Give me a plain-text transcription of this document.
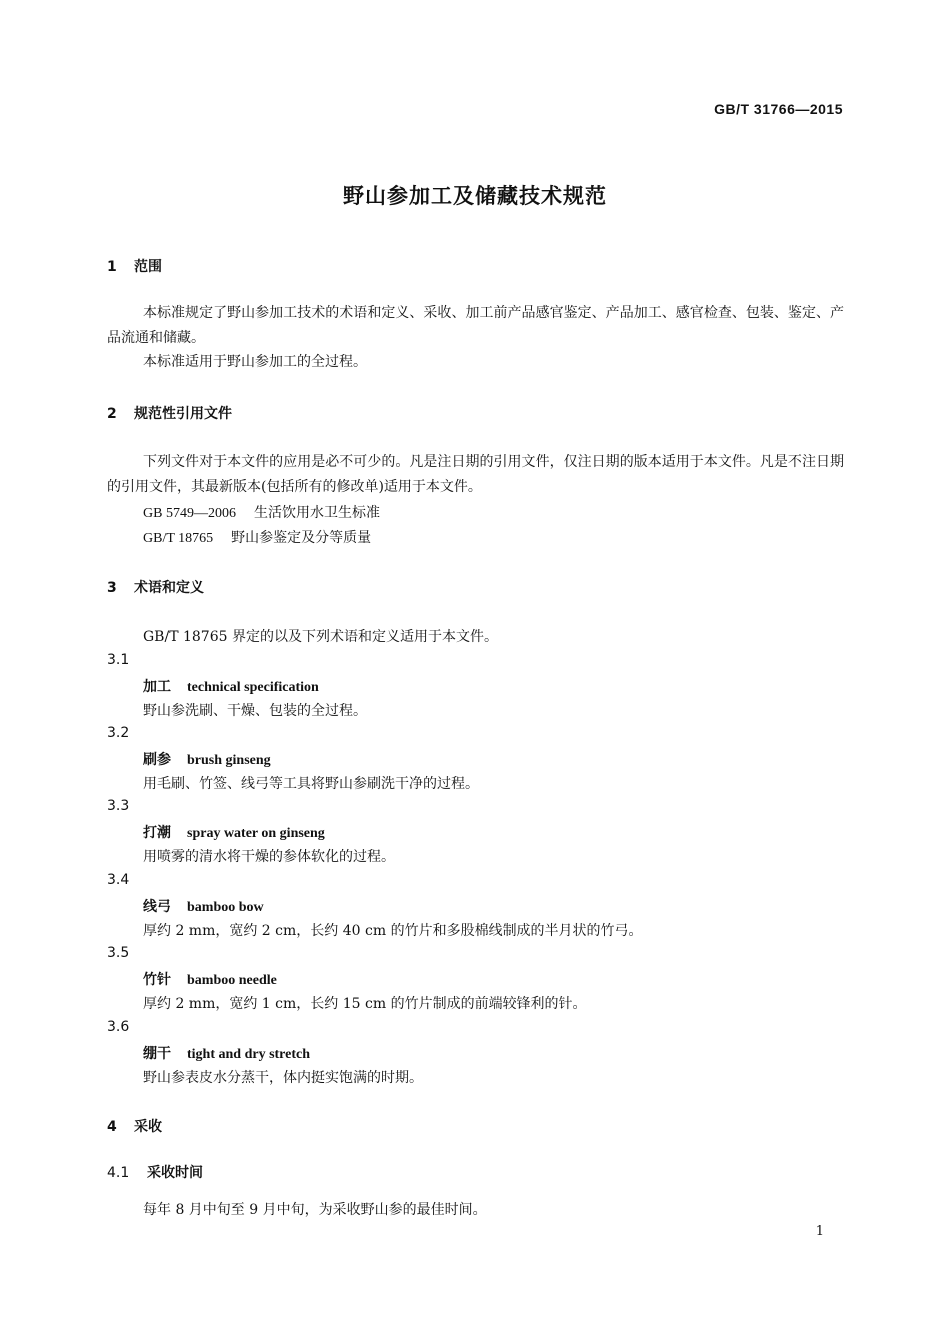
GB/T 31766—2015
野山参加工及储藏技术规范
1 范围
本标准规定了野山参加工技术的术语和定义、采收、加工前产品感官鉴定、产品加工、感官检查、包装、鉴定、产品流通和储藏。
本标准适用于野山参加工的全过程。
2 规范性引用文件
下列文件对于本文件的应用是必不可少的。凡是注日期的引用文件，仅注日期的版本适用于本文件。凡是不注日期的引用文件，其最新版本(包括所有的修改单)适用于本文件。
GB 5749—2006 生活饮用水卫生标准
GB/T 18765 野山参鉴定及分等质量
3 术语和定义
GB/T 18765 界定的以及下列术语和定义适用于本文件。
3.1
加工 technical specification
野山参洗刷、干燥、包装的全过程。
3.2
刷参 brush ginseng
用毛刷、竹签、线弓等工具将野山参刷洗干净的过程。
3.3
打潮 spray water on ginseng
用喷雾的清水将干燥的参体软化的过程。
3.4
线弓 bamboo bow
厚约 2 mm，宽约 2 cm，长约 40 cm 的竹片和多股棉线制成的半月状的竹弓。
3.5
竹针 bamboo needle
厚约 2 mm，宽约 1 cm，长约 15 cm 的竹片制成的前端较锋利的针。
3.6
绷干 tight and dry stretch
野山参表皮水分蒸干，体内挺实饱满的时期。
4 采收
4.1 采收时间
每年 8 月中旬至 9 月中旬，为采收野山参的最佳时间。
1
